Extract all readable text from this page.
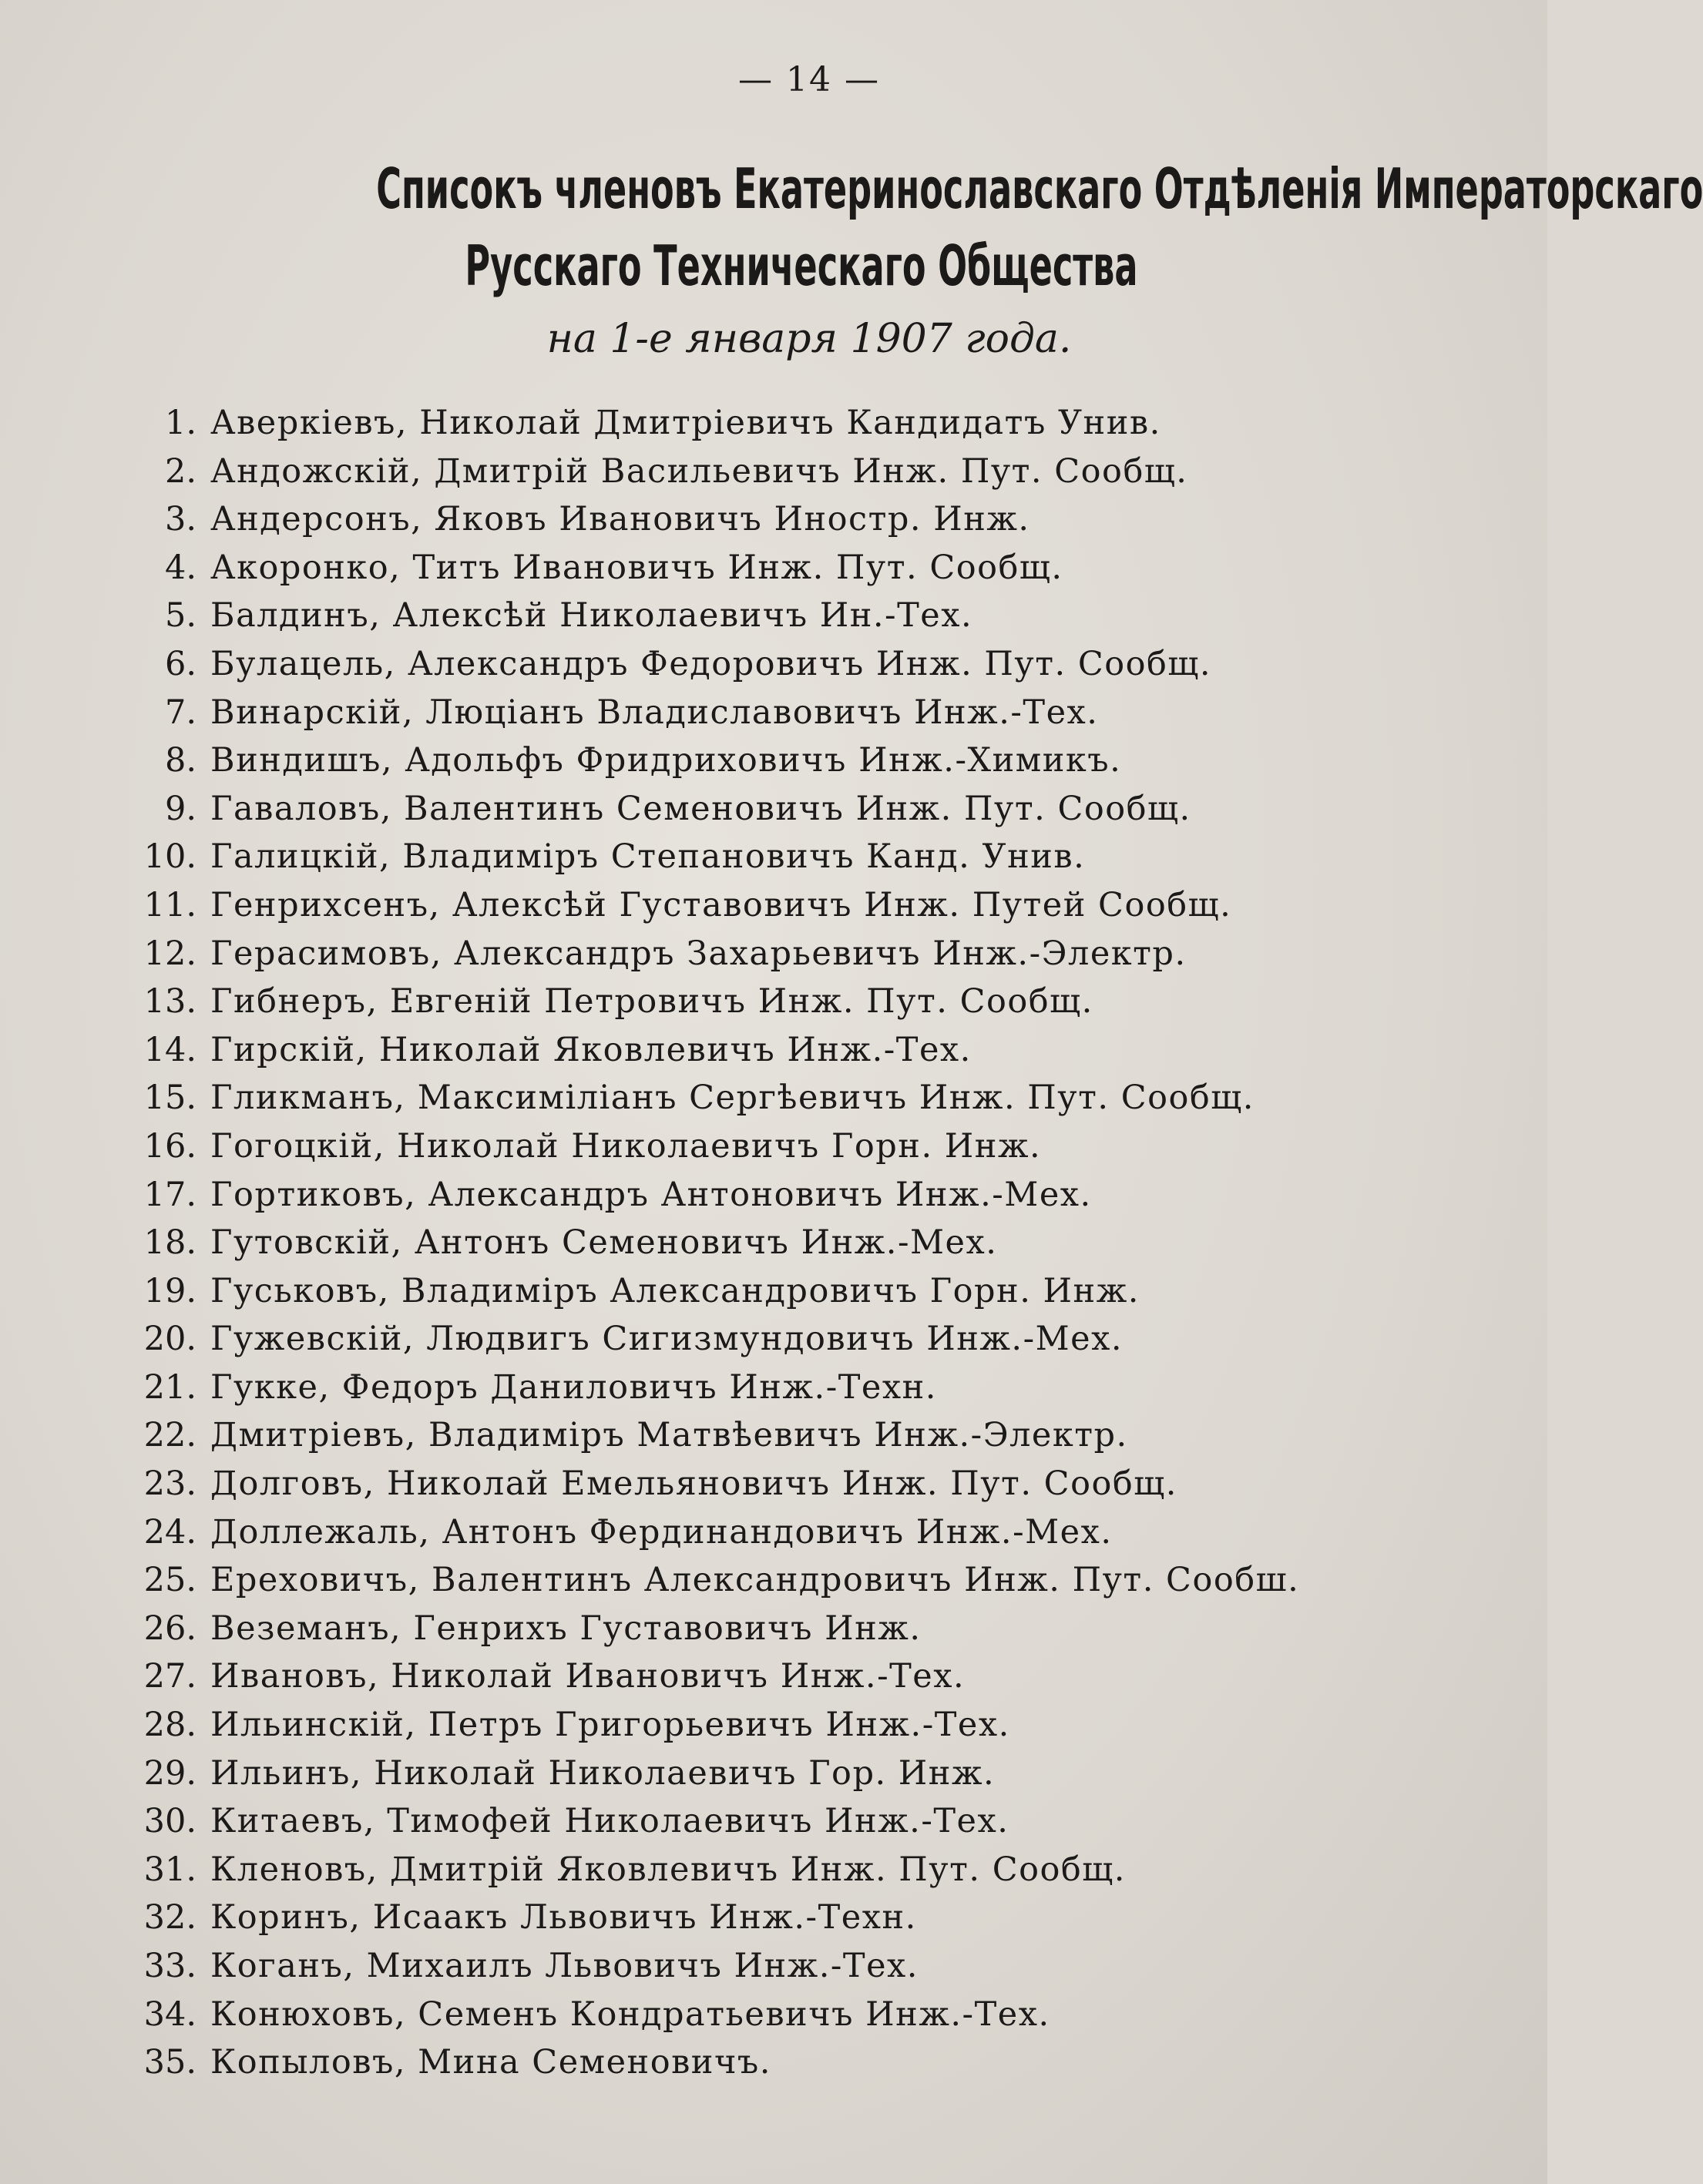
— 14 —
Списокъ членовъ Екатеринославскаго Отдѣленія Императорскаго
Русскаго Техническаго Общества
на 1-е января 1907 года.
1. Аверкіевъ, Николай Дмитріевичъ Кандидатъ Унив.
2. Андожскій, Дмитрій Васильевичъ Инж. Пут. Сообщ.
3. Андерсонъ, Яковъ Ивановичъ Иностр. Инж.
4. Акоронко, Титъ Ивановичъ Инж. Пут. Сообщ.
5. Балдинъ, Алексѣй Николаевичъ Ин.-Тех.
6. Булацель, Александръ Федоровичъ Инж. Пут. Сообщ.
7. Винарскій, Люціанъ Владиславовичъ Инж.-Тех.
8. Виндишъ, Адольфъ Фридриховичъ Инж.-Химикъ.
9. Гаваловъ, Валентинъ Семеновичъ Инж. Пут. Сообщ.
10. Галицкій, Владиміръ Степановичъ Канд. Унив.
11. Генрихсенъ, Алексѣй Густавовичъ Инж. Путей Сообщ.
12. Герасимовъ, Александръ Захарьевичъ Инж.-Электр.
13. Гибнеръ, Евгеній Петровичъ Инж. Пут. Сообщ.
14. Гирскій, Николай Яковлевичъ Инж.-Тех.
15. Гликманъ, Максиміліанъ Сергѣевичъ Инж. Пут. Сообщ.
16. Гогоцкій, Николай Николаевичъ Горн. Инж.
17. Гортиковъ, Александръ Антоновичъ Инж.-Мех.
18. Гутовскій, Антонъ Семеновичъ Инж.-Мех.
19. Гуськовъ, Владиміръ Александровичъ Горн. Инж.
20. Гужевскій, Людвигъ Сигизмундовичъ Инж.-Мех.
21. Гукке, Федоръ Даниловичъ Инж.-Техн.
22. Дмитріевъ, Владиміръ Матвѣевичъ Инж.-Электр.
23. Долговъ, Николай Емельяновичъ Инж. Пут. Сообщ.
24. Доллежаль, Антонъ Фердинандовичъ Инж.-Мех.
25. Ереховичъ, Валентинъ Александровичъ Инж. Пут. Сообш.
26. Веземанъ, Генрихъ Густавовичъ Инж.
27. Ивановъ, Николай Ивановичъ Инж.-Тех.
28. Ильинскій, Петръ Григорьевичъ Инж.-Тех.
29. Ильинъ, Николай Николаевичъ Гор. Инж.
30. Китаевъ, Тимофей Николаевичъ Инж.-Тех.
31. Кленовъ, Дмитрій Яковлевичъ Инж. Пут. Сообщ.
32. Коринъ, Исаакъ Львовичъ Инж.-Техн.
33. Коганъ, Михаилъ Львовичъ Инж.-Тех.
34. Конюховъ, Семенъ Кондратьевичъ Инж.-Тех.
35. Копыловъ, Мина Семеновичъ.
